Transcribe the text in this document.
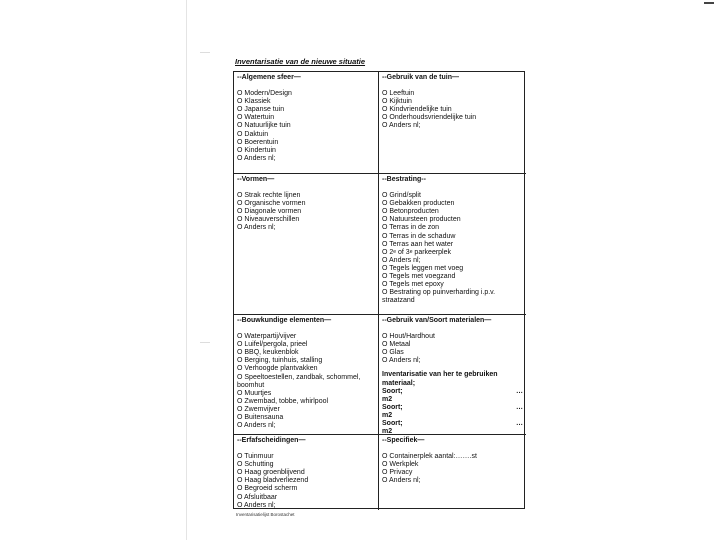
Inventarisatie van de nieuwe situatie
--Algemene sfeer—
O Modern/Design
O Klassiek
O Japanse tuin
O Watertuin
O Natuurlijke tuin
O Daktuin
O Boerentuin
O Kindertuin
O Anders nl;
--Gebruik van de tuin—
O Leeftuin
O Kijktuin
O Kindvriendelijke tuin
O Onderhoudsvriendelijke tuin
O Anders nl;
--Vormen—
O Strak rechte lijnen
O Organische vormen
O Diagonale vormen
O Niveauverschillen
O Anders nl;
--Bestrating--
O Grind/split
O Gebakken producten
O Betonproducten
O Natuursteen producten
O Terras in de zon
O Terras in de schaduw
O Terras aan het water
O 2e of 3e parkeerplek
O Anders nl;
O Tegels leggen met voeg
O Tegels met voegzand
O Tegels met epoxy
O Bestrating op puinverharding i.p.v. straatzand
--Bouwkundige elementen—
O Waterpartij/vijver
O Luifel/pergola, prieel
O BBQ, keukenblok
O Berging, tuinhuis, stalling
O Verhoogde plantvakken
O Speeltoestellen, zandbak, schommel, boomhut
O Muurtjes
O Zwembad, tobbe, whirlpool
O Zwemvijver
O Buitensauna
O Anders nl;
--Gebruik van/Soort materialen—
O Hout/Hardhout
O Metaal
O Glas
O Anders nl;
Inventarisatie van her te gebruiken materiaal;
Soort;	…
m2
Soort;	…
m2
Soort;	…
m2
--Erfafscheidingen—
O Tuinmuur
O Schutting
O Haag groenblijvend
O Haag bladverliezend
O Begroeid scherm
O Afsluitbaar
O Anders nl;
--Specifiek—
O Containerplek aantal:…….st
O Werkplek
O Privacy
O Anders nl;
Inventarisatielijst Borostachet
